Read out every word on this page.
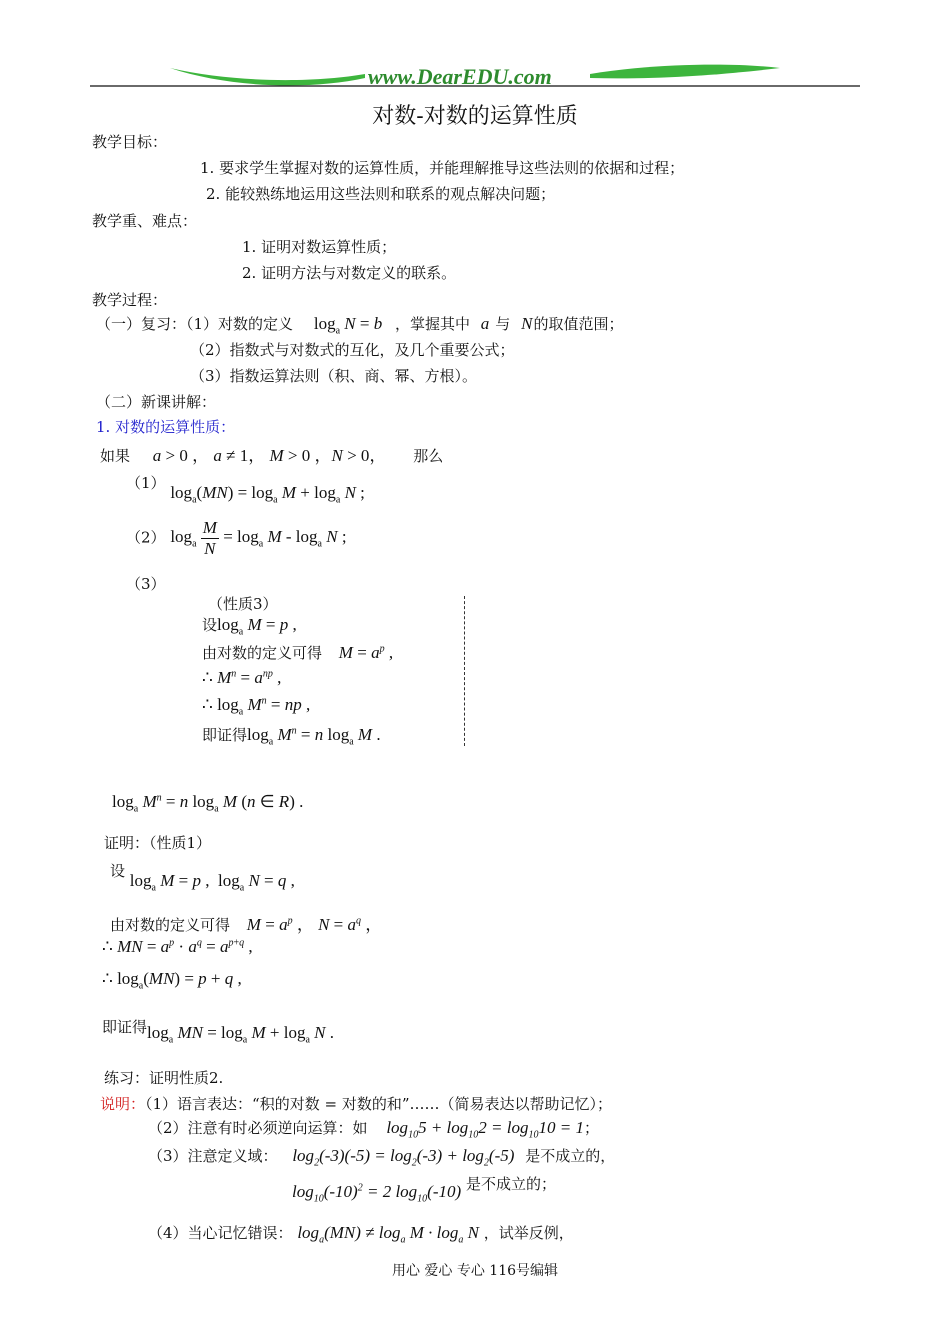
www.DearEDU.com
对数-对数的运算性质
教学目标：
1. 要求学生掌握对数的运算性质，并能理解推导这些法则的依据和过程；
2. 能较熟练地运用这些法则和联系的观点解决问题；
教学重、难点：
1. 证明对数运算性质；
2. 证明方法与对数定义的联系。
教学过程：
（一）复习：（1）对数的定义 $\log_a N = b$ ，掌握其中 a 与 N的取值范围；
（2）指数式与对数式的互化，及几个重要公式；
（3）指数运算法则（积、商、幂、方根）。
（二）新课讲解：
1. 对数的运算性质：
如果 a > 0 ， a ≠ 1， M > 0 ，N > 0， 那么
（1） $\log_a(MN) = \log_a M + \log_a N$ ;
（2） $\log_a \frac{M}{N} = \log_a M - \log_a N$ ;
（3）
（性质3）
设$\log_a M = p$ ,
由对数的定义可得 $M = a^p$ ,
∴ $M^n = a^{np}$ ,
∴ $\log_a M^n$ = np ,
即证得$\log_a M^n = n$ $\log_a M$ .
$\log_a M^n = n$ $\log_a M$ (n ∈ R) .
证明：（性质1）
设 $\log_a M = p$ ,  $\log_a N = q$ ,
由对数的定义可得 $M = a^p$ ， $N = a^q$ ，
∴ MN = $a^p \cdot a^q = a^{p+q}$ ,
∴ $\log_a(MN) = p + q$ ,
即证得$\log_a$ MN = $\log_a M + \log_a N$ .
练习：证明性质2.
说明：（1）语言表达：“积的对数 = 对数的和”……（简易表达以帮助记忆）；
（2）注意有时必须逆向运算：如 $\log_{10}5 + \log_{10}2 = \log_{10}10 = 1$；
（3）注意定义域： $\log_2(-3)(-5) = \log_2(-3) + \log_2(-5)$ 是不成立的，
$\log_{10}(-10)^2 = 2$ $\log_{10}(-10)$ 是不成立的；
（4）当心记忆错误： $\log_a(MN) \ne \log_a M \cdot \log_a N$ ，试举反例，
用心 爱心 专心 116号编辑
